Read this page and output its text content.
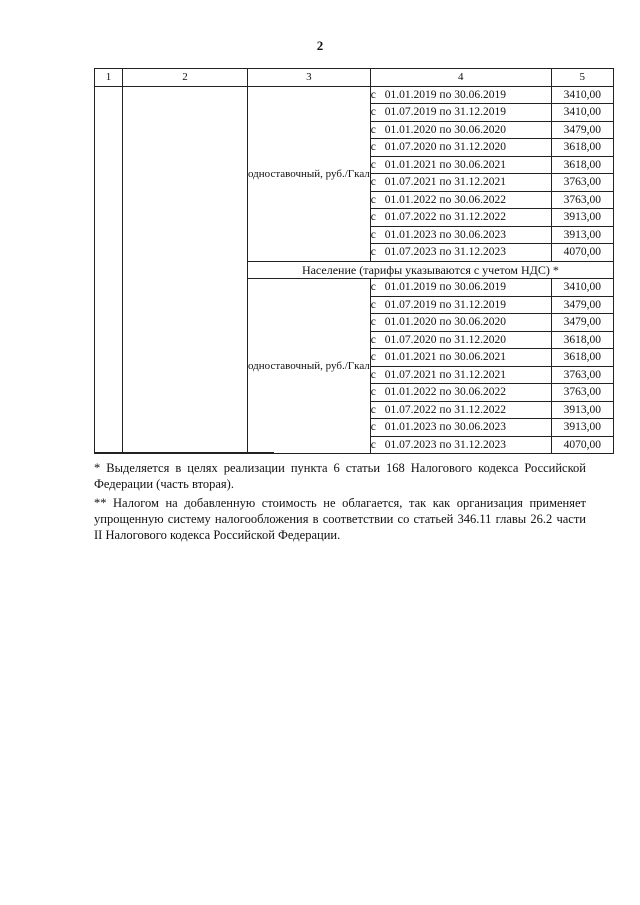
2
1	2	3	4	5
		одноставочный, руб./Гкал	с 01.01.2019 по 30.06.2019	3410,00
			с 01.07.2019 по 31.12.2019	3410,00
			с 01.01.2020 по 30.06.2020	3479,00
			с 01.07.2020 по 31.12.2020	3618,00
			с 01.01.2021 по 30.06.2021	3618,00
			с 01.07.2021 по 31.12.2021	3763,00
			с 01.01.2022 по 30.06.2022	3763,00
			с 01.07.2022 по 31.12.2022	3913,00
			с 01.01.2023 по 30.06.2023	3913,00
			с 01.07.2023 по 31.12.2023	4070,00
		Население (тарифы указываются с учетом НДС) *		
		одноставочный, руб./Гкал	с 01.01.2019 по 30.06.2019	3410,00
			с 01.07.2019 по 31.12.2019	3479,00
			с 01.01.2020 по 30.06.2020	3479,00
			с 01.07.2020 по 31.12.2020	3618,00
			с 01.01.2021 по 30.06.2021	3618,00
			с 01.07.2021 по 31.12.2021	3763,00
			с 01.01.2022 по 30.06.2022	3763,00
			с 01.07.2022 по 31.12.2022	3913,00
			с 01.01.2023 по 30.06.2023	3913,00
			с 01.07.2023 по 31.12.2023	4070,00
* Выделяется в целях реализации пункта 6 статьи 168 Налогового кодекса Российской Федерации (часть вторая).
** Налогом на добавленную стоимость не облагается, так как организация применяет упрощенную систему налогообложения в соответствии со статьей 346.11 главы 26.2 части II Налогового кодекса Российской Федерации.
